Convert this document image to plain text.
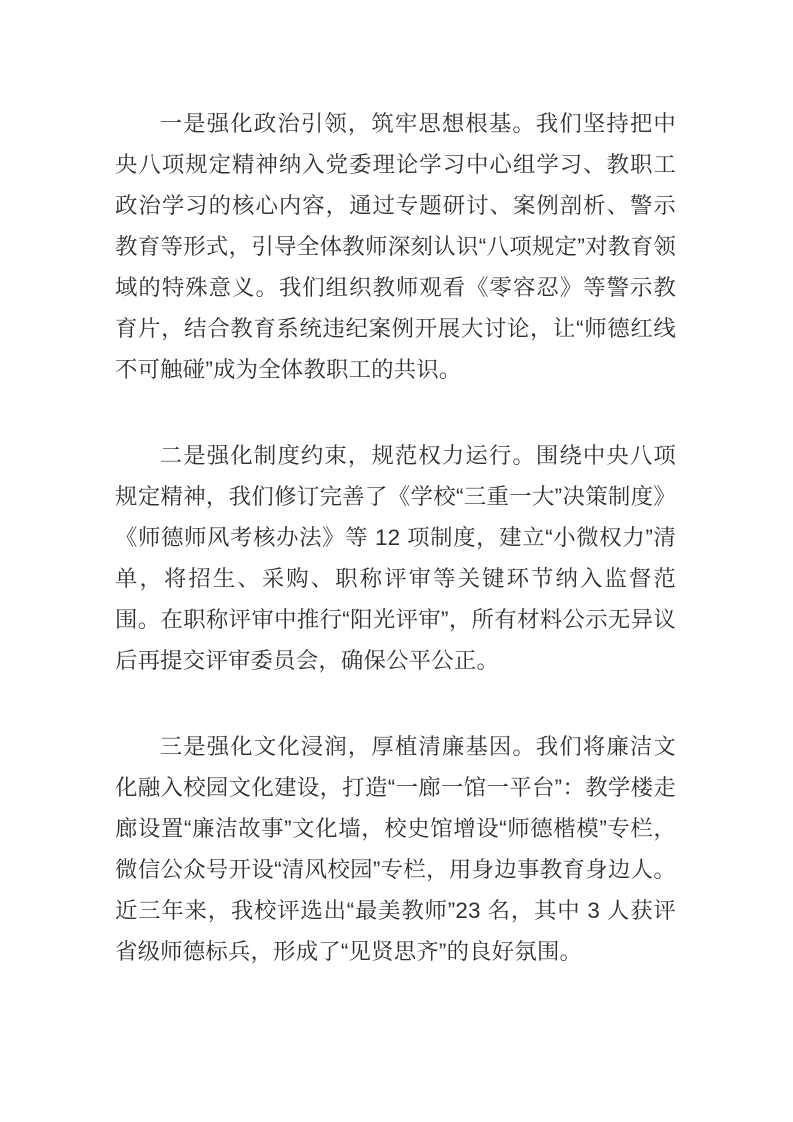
一是强化政治引领，筑牢思想根基。我们坚持把中央八项规定精神纳入党委理论学习中心组学习、教职工政治学习的核心内容，通过专题研讨、案例剖析、警示教育等形式，引导全体教师深刻认识“八项规定”对教育领域的特殊意义。我们组织教师观看《零容忍》等警示教育片，结合教育系统违纪案例开展大讨论，让“师德红线不可触碰”成为全体教职工的共识。

二是强化制度约束，规范权力运行。围绕中央八项规定精神，我们修订完善了《学校“三重一大”决策制度》《师德师风考核办法》等 12 项制度，建立“小微权力”清单，将招生、采购、职称评审等关键环节纳入监督范围。在职称评审中推行“阳光评审”，所有材料公示无异议后再提交评审委员会，确保公平公正。

三是强化文化浸润，厚植清廉基因。我们将廉洁文化融入校园文化建设，打造“一廊一馆一平台”：教学楼走廊设置“廉洁故事”文化墙，校史馆增设“师德楷模”专栏，微信公众号开设“清风校园”专栏，用身边事教育身边人。近三年来，我校评选出“最美教师”23 名，其中 3 人获评省级师德标兵，形成了“见贤思齐”的良好氛围。
